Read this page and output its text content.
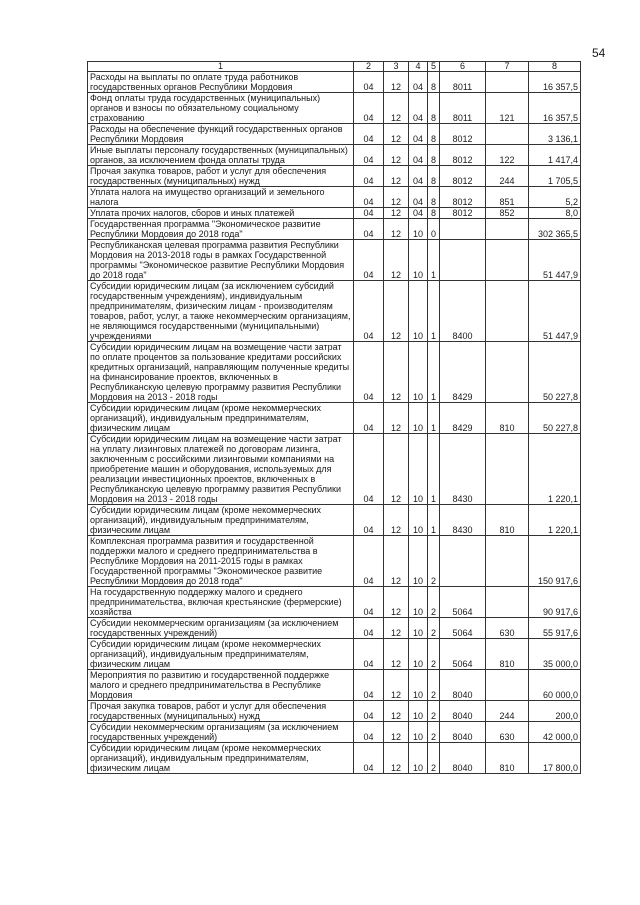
54
1	2	3	4	5	6	7	8
Расходы на выплаты по оплате труда работников государственных органов Республики Мордовия	04	12	04	8	8011		16 357,5
Фонд оплаты труда государственных (муниципальных) органов и взносы по обязательному социальному страхованию	04	12	04	8	8011	121	16 357,5
Расходы на обеспечение функций государственных органов Республики Мордовия	04	12	04	8	8012		3 136,1
Иные выплаты персоналу государственных (муниципальных) органов, за исключением фонда оплаты труда	04	12	04	8	8012	122	1 417,4
Прочая закупка товаров, работ и услуг для обеспечения государственных (муниципальных) нужд	04	12	04	8	8012	244	1 705,5
Уплата налога на имущество организаций и земельного налога	04	12	04	8	8012	851	5,2
Уплата прочих налогов, сборов и иных платежей	04	12	04	8	8012	852	8,0
Государственная программа "Экономическое развитие Республики Мордовия до 2018 года"	04	12	10	0			302 365,5
Республиканская целевая программа развития Республики Мордовия на 2013-2018 годы в рамках Государственной программы "Экономическое развитие Республики Мордовия до 2018 года"	04	12	10	1			51 447,9
Субсидии юридическим лицам (за исключением субсидий государственным учреждениям), индивидуальным предпринимателям, физическим лицам - производителям товаров, работ, услуг, а также некоммерческим организациям, не являющимся государственными (муниципальными) учреждениями	04	12	10	1	8400		51 447,9
Субсидии юридическим лицам на возмещение части затрат по оплате процентов за пользование кредитами российских кредитных организаций, направляющим полученные кредиты на финансирование проектов, включенных в Республиканскую целевую программу развития Республики Мордовия на 2013 - 2018 годы	04	12	10	1	8429		50 227,8
Субсидии юридическим лицам (кроме некоммерческих организаций), индивидуальным предпринимателям, физическим лицам	04	12	10	1	8429	810	50 227,8
Субсидии юридическим лицам на возмещение части затрат на уплату лизинговых платежей по договорам лизинга, заключенным с российскими лизинговыми компаниями на приобретение машин и оборудования, используемых для реализации инвестиционных проектов, включенных в Республиканскую целевую программу развития Республики Мордовия на 2013 - 2018 годы	04	12	10	1	8430		1 220,1
Субсидии юридическим лицам (кроме некоммерческих организаций), индивидуальным предпринимателям, физическим лицам	04	12	10	1	8430	810	1 220,1
Комплексная программа развития и государственной поддержки малого и среднего предпринимательства в Республике Мордовия на 2011-2015 годы в рамках Государственной программы "Экономическое развитие Республики Мордовия до 2018 года"	04	12	10	2			150 917,6
На государственную поддержку малого и среднего предпринимательства, включая крестьянские (фермерские) хозяйства	04	12	10	2	5064		90 917,6
Субсидии некоммерческим организациям (за исключением государственных учреждений)	04	12	10	2	5064	630	55 917,6
Субсидии юридическим лицам (кроме некоммерческих организаций), индивидуальным предпринимателям, физическим лицам	04	12	10	2	5064	810	35 000,0
Мероприятия по развитию и государственной поддержке малого и среднего предпринимательства в Республике Мордовия	04	12	10	2	8040		60 000,0
Прочая закупка товаров, работ и услуг для обеспечения государственных (муниципальных) нужд	04	12	10	2	8040	244	200,0
Субсидии некоммерческим организациям (за исключением государственных учреждений)	04	12	10	2	8040	630	42 000,0
Субсидии юридическим лицам (кроме некоммерческих организаций), индивидуальным предпринимателям, физическим лицам	04	12	10	2	8040	810	17 800,0
